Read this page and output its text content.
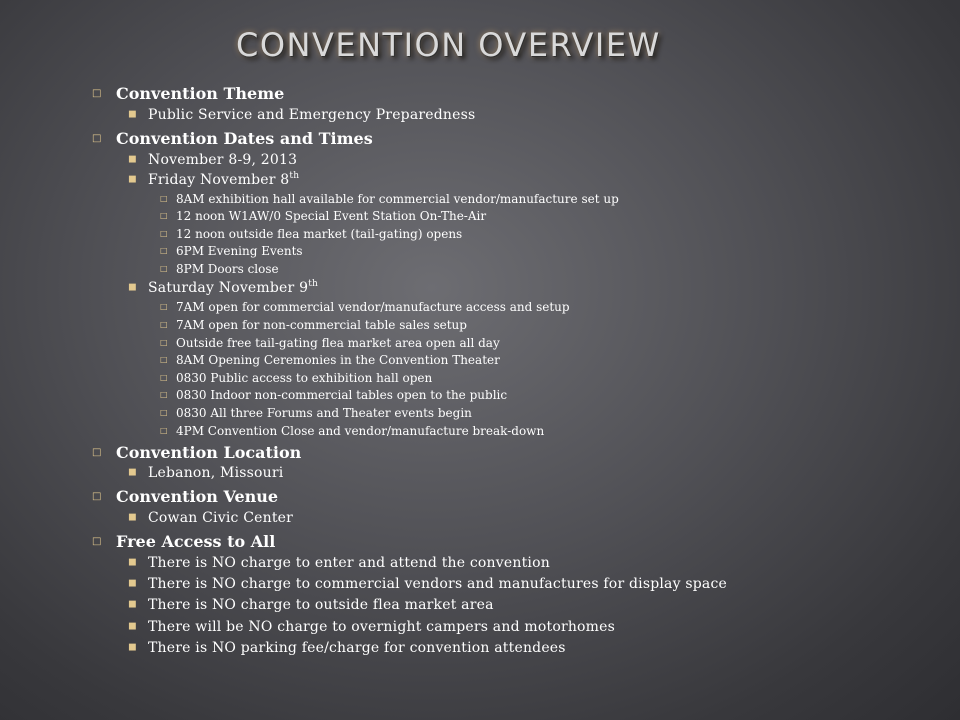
CONVENTION OVERVIEW
□ Convention Theme
■ Public Service and Emergency Preparedness
□ Convention Dates and Times
■ November 8-9, 2013
■ Friday November 8th
□ 8AM exhibition hall available for commercial vendor/manufacture set up
□ 12 noon W1AW/0 Special Event Station On-The-Air
□ 12 noon outside flea market (tail-gating) opens
□ 6PM Evening Events
□ 8PM Doors close
■ Saturday November 9th
□ 7AM open for commercial vendor/manufacture access and setup
□ 7AM open for non-commercial table sales setup
□ Outside free tail-gating flea market area open all day
□ 8AM Opening Ceremonies in the Convention Theater
□ 0830 Public access to exhibition hall open
□ 0830 Indoor non-commercial tables open to the public
□ 0830 All three Forums and Theater events begin
□ 4PM Convention Close and vendor/manufacture break-down
□ Convention Location
■ Lebanon, Missouri
□ Convention Venue
■ Cowan Civic Center
□ Free Access to All
■ There is NO charge to enter and attend the convention
■ There is NO charge to commercial vendors and manufactures for display space
■ There is NO charge to outside flea market area
■ There will be NO charge to overnight campers and motorhomes
■ There is NO parking fee/charge for convention attendees
